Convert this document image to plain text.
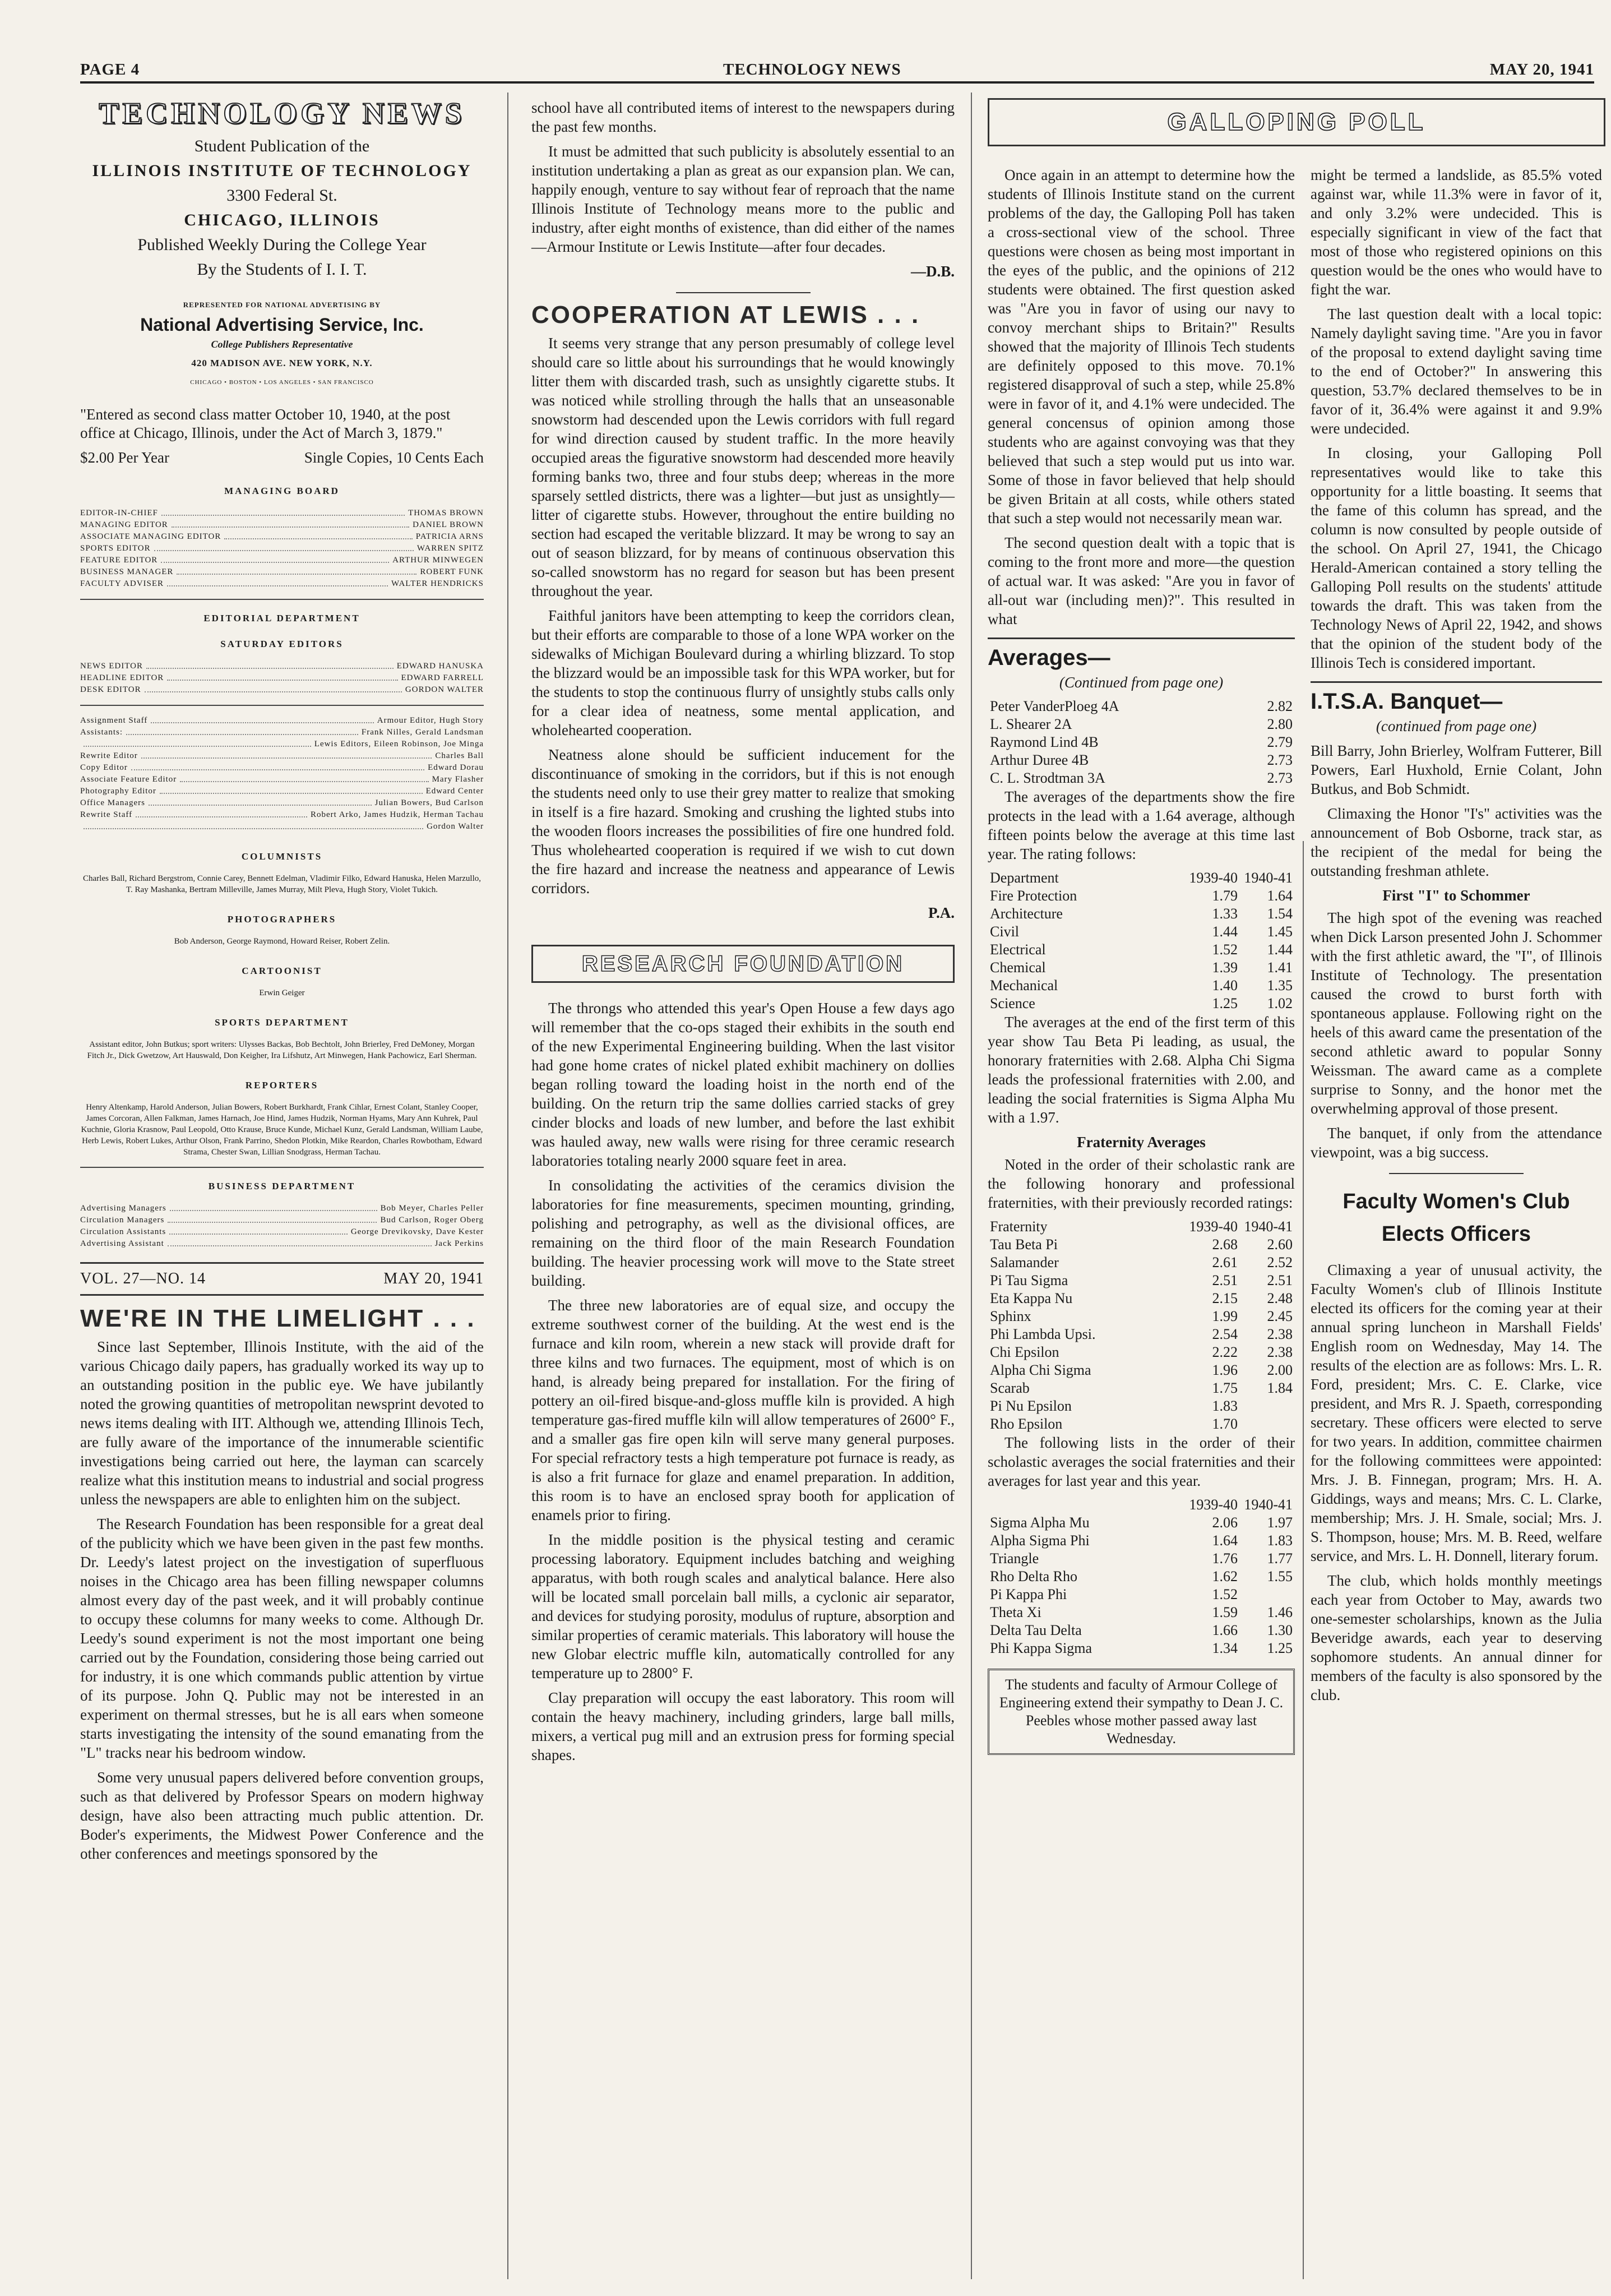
PAGE 4	TECHNOLOGY NEWS	MAY 20, 1941
TECHNOLOGY NEWS
Student Publication of the
ILLINOIS INSTITUTE OF TECHNOLOGY
3300 Federal St.
CHICAGO, ILLINOIS
Published Weekly During the College Year
By the Students of I. I. T.
REPRESENTED FOR NATIONAL ADVERTISING BY
National Advertising Service, Inc.
College Publishers Representative
420 MADISON AVE. NEW YORK, N.Y.
CHICAGO • BOSTON • LOS ANGELES • SAN FRANCISCO

"Entered as second class matter October 10, 1940, at the post office at Chicago, Illinois, under the Act of March 3, 1879."

$2.00 Per Year	Single Copies, 10 Cents Each
MANAGING BOARD
EDITOR-IN-CHIEF	THOMAS BROWN
MANAGING EDITOR	DANIEL BROWN
ASSOCIATE MANAGING EDITOR	PATRICIA ARNS
SPORTS EDITOR	WARREN SPITZ
FEATURE EDITOR	ARTHUR MINWEGEN
BUSINESS MANAGER	ROBERT FUNK
FACULTY ADVISER	WALTER HENDRICKS
EDITORIAL DEPARTMENT
SATURDAY EDITORS
NEWS EDITOR	EDWARD HANUSKA
HEADLINE EDITOR	EDWARD FARRELL
DESK EDITOR	GORDON WALTER
Assignment Staff	Armour Editor, Hugh Story
Assistants:	Frank Nilles, Gerald Landsman
Lewis Editors, Eileen Robinson, Joe Minga
Rewrite Editor	Charles Ball
Copy Editor	Edward Dorau
Associate Feature Editor	Mary Flasher
Photography Editor	Edward Center
Office Managers	Julian Bowers, Bud Carlson
Rewrite Staff	Robert Arko, James Hudzik, Herman Tachau
Gordon Walter
COLUMNISTS
Charles Ball, Richard Bergstrom, Connie Carey, Bennett Edelman, Vladimir Filko, Edward Hanuska, Helen Marzullo, T. Ray Mashanka, Bertram Milleville, James Murray, Milt Pleva, Hugh Story, Violet Tukich.
PHOTOGRAPHERS
Bob Anderson, George Raymond, Howard Reiser, Robert Zelin.
CARTOONIST
Erwin Geiger
SPORTS DEPARTMENT
Assistant editor, John Butkus; sport writers: Ulysses Backas, Bob Bechtolt, John Brierley, Fred DeMoney, Morgan Fitch Jr., Dick Gwetzow, Art Hauswald, Don Keigher, Ira Lifshutz, Art Minwegen, Hank Pachowicz, Earl Sherman.
REPORTERS
Henry Altenkamp, Harold Anderson, Julian Bowers, Robert Burkhardt, Frank Cihlar, Ernest Colant, Stanley Cooper, James Corcoran, Allen Falkman, James Harnach, Joe Hind, James Hudzik, Norman Hyams, Mary Ann Kuhrek, Paul Kuchnie, Gloria Krasnow, Paul Leopold, Otto Krause, Bruce Kunde, Michael Kunz, Gerald Landsman, William Laube, Herb Lewis, Robert Lukes, Arthur Olson, Frank Parrino, Shedon Plotkin, Mike Reardon, Charles Rowbotham, Edward Strama, Chester Swan, Lillian Snodgrass, Herman Tachau.
BUSINESS DEPARTMENT
Advertising Managers	Bob Meyer, Charles Peller
Circulation Managers	Bud Carlson, Roger Oberg
Circulation Assistants	George Drevikovsky, Dave Kester
Advertising Assistant	Jack Perkins
VOL. 27—NO. 14	MAY 20, 1941
WE'RE IN THE LIMELIGHT . . .

Since last September, Illinois Institute, with the aid of the various Chicago daily papers, has gradually worked its way up to an outstanding position in the public eye. We have jubilantly noted the growing quantities of metropolitan newsprint devoted to news items dealing with IIT. Although we, attending Illinois Tech, are fully aware of the importance of the innumerable scientific investigations being carried out here, the layman can scarcely realize what this institution means to industrial and social progress unless the newspapers are able to enlighten him on the subject.

The Research Foundation has been responsible for a great deal of the publicity which we have been given in the past few months. Dr. Leedy's latest project on the investigation of superfluous noises in the Chicago area has been filling newspaper columns almost every day of the past week, and it will probably continue to occupy these columns for many weeks to come. Although Dr. Leedy's sound experiment is not the most important one being carried out by the Foundation, considering those being carried out for industry, it is one which commands public attention by virtue of its purpose. John Q. Public may not be interested in an experiment on thermal stresses, but he is all ears when someone starts investigating the intensity of the sound emanating from the "L" tracks near his bedroom window.

Some very unusual papers delivered before convention groups, such as that delivered by Professor Spears on modern highway design, have also been attracting much public attention. Dr. Boder's experiments, the Midwest Power Conference and the other conferences and meetings sponsored by the

school have all contributed items of interest to the newspapers during the past few months.

It must be admitted that such publicity is absolutely essential to an institution undertaking a plan as great as our expansion plan. We can, happily enough, venture to say without fear of reproach that the name Illinois Institute of Technology means more to the public and industry, after eight months of existence, than did either of the names—Armour Institute or Lewis Institute—after four decades.

—D.B.
COOPERATION AT LEWIS . . .

It seems very strange that any person presumably of college level should care so little about his surroundings that he would knowingly litter them with discarded trash, such as unsightly cigarette stubs. It was noticed while strolling through the halls that an unseasonable snowstorm had descended upon the Lewis corridors with full regard for wind direction caused by student traffic. In the more heavily occupied areas the figurative snowstorm had descended more heavily forming banks two, three and four stubs deep; whereas in the more sparsely settled districts, there was a lighter—but just as unsightly—litter of cigarette stubs. However, throughout the entire building no section had escaped the veritable blizzard. It may be wrong to say an out of season blizzard, for by means of continuous observation this so-called snowstorm has no regard for season but has been present throughout the year.

Faithful janitors have been attempting to keep the corridors clean, but their efforts are comparable to those of a lone WPA worker on the sidewalks of Michigan Boulevard during a whirling blizzard. To stop the blizzard would be an impossible task for this WPA worker, but for the students to stop the continuous flurry of unsightly stubs calls only for a clear idea of neatness, some mental application, and wholehearted cooperation.

Neatness alone should be sufficient inducement for the discontinuance of smoking in the corridors, but if this is not enough the students need only to use their grey matter to realize that smoking in itself is a fire hazard. Smoking and crushing the lighted stubs into the wooden floors increases the possibilities of fire one hundred fold. Thus wholehearted cooperation is required if we wish to cut down the fire hazard and increase the neatness and appearance of Lewis corridors.

P.A.
RESEARCH FOUNDATION

The throngs who attended this year's Open House a few days ago will remember that the co-ops staged their exhibits in the south end of the new Experimental Engineering building. When the last visitor had gone home crates of nickel plated exhibit machinery on dollies began rolling toward the loading hoist in the north end of the building. On the return trip the same dollies carried stacks of grey cinder blocks and loads of new lumber, and before the last exhibit was hauled away, new walls were rising for three ceramic research laboratories totaling nearly 2000 square feet in area.

In consolidating the activities of the ceramics division the laboratories for fine measurements, specimen mounting, grinding, polishing and petrography, as well as the divisional offices, are remaining on the third floor of the main Research Foundation building. The heavier processing work will move to the State street building.

The three new laboratories are of equal size, and occupy the extreme southwest corner of the building. At the west end is the furnace and kiln room, wherein a new stack will provide draft for three kilns and two furnaces. The equipment, most of which is on hand, is already being prepared for installation. For the firing of pottery an oil-fired bisque-and-gloss muffle kiln is provided. A high temperature gas-fired muffle kiln will allow temperatures of 2600° F., and a smaller gas fire open kiln will serve many general purposes. For special refractory tests a high temperature pot furnace is ready, as is also a frit furnace for glaze and enamel preparation. In addition, this room is to have an enclosed spray booth for application of enamels prior to firing.

In the middle position is the physical testing and ceramic processing laboratory. Equipment includes batching and weighing apparatus, with both rough scales and analytical balance. Here also will be located small porcelain ball mills, a cyclonic air separator, and devices for studying porosity, modulus of rupture, absorption and similar properties of ceramic materials. This laboratory will house the new Globar electric muffle kiln, automatically controlled for any temperature up to 2800° F.

Clay preparation will occupy the east laboratory. This room will contain the heavy machinery, including grinders, large ball mills, mixers, a vertical pug mill and an extrusion press for forming special shapes.

GALLOPING POLL

Once again in an attempt to determine how the students of Illinois Institute stand on the current problems of the day, the Galloping Poll has taken a cross-sectional view of the school. Three questions were chosen as being most important in the eyes of the public, and the opinions of 212 students were obtained. The first question asked was "Are you in favor of using our navy to convoy merchant ships to Britain?" Results showed that the majority of Illinois Tech students are definitely opposed to this move. 70.1% registered disapproval of such a step, while 25.8% were in favor of it, and 4.1% were undecided. The general concensus of opinion among those students who are against convoying was that they believed that such a step would put us into war. Some of those in favor believed that help should be given Britain at all costs, while others stated that such a step would not necessarily mean war.

The second question dealt with a topic that is coming to the front more and more—the question of actual war. It was asked: "Are you in favor of all-out war (including men)?". This resulted in what

Averages—
(Continued from page one)
Peter VanderPloeg 4A	2.82
L. Shearer 2A	2.80
Raymond Lind 4B	2.79
Arthur Duree 4B	2.73
C. L. Strodtman 3A	2.73

The averages of the departments show the fire protects in the lead with a 1.64 average, although fifteen points below the average at this time last year. The rating follows:

Department	1939-40	1940-41
Fire Protection	1.79	1.64
Architecture	1.33	1.54
Civil	1.44	1.45
Electrical	1.52	1.44
Chemical	1.39	1.41
Mechanical	1.40	1.35
Science	1.25	1.02

The averages at the end of the first term of this year show Tau Beta Pi leading, as usual, the honorary fraternities with 2.68. Alpha Chi Sigma leads the professional fraternities with 2.00, and leading the social fraternities is Sigma Alpha Mu with a 1.97.

Fraternity Averages

Noted in the order of their scholastic rank are the following honorary and professional fraternities, with their previously recorded ratings:

Fraternity	1939-40	1940-41
Tau Beta Pi	2.68	2.60
Salamander	2.61	2.52
Pi Tau Sigma	2.51	2.51
Eta Kappa Nu	2.15	2.48
Sphinx	1.99	2.45
Phi Lambda Upsi.	2.54	2.38
Chi Epsilon	2.22	2.38
Alpha Chi Sigma	1.96	2.00
Scarab	1.75	1.84
Pi Nu Epsilon	1.83	
Rho Epsilon	1.70	

The following lists in the order of their scholastic averages the social fraternities and their averages for last year and this year.

	1939-40	1940-41
Sigma Alpha Mu	2.06	1.97
Alpha Sigma Phi	1.64	1.83
Triangle	1.76	1.77
Rho Delta Rho	1.62	1.55
Pi Kappa Phi	1.52	
Theta Xi	1.59	1.46
Delta Tau Delta	1.66	1.30
Phi Kappa Sigma	1.34	1.25
The students and faculty of Armour College of Engineering extend their sympathy to Dean J. C. Peebles whose mother passed away last Wednesday.

might be termed a landslide, as 85.5% voted against war, while 11.3% were in favor of it, and only 3.2% were undecided. This is especially significant in view of the fact that most of those who registered opinions on this question would be the ones who would have to fight the war.

The last question dealt with a local topic: Namely daylight saving time. "Are you in favor of the proposal to extend daylight saving time to the end of October?" In answering this question, 53.7% declared themselves to be in favor of it, 36.4% were against it and 9.9% were undecided.

In closing, your Galloping Poll representatives would like to take this opportunity for a little boasting. It seems that the fame of this column has spread, and the column is now consulted by people outside of the school. On April 27, 1941, the Chicago Herald-American contained a story telling the Galloping Poll results on the students' attitude towards the draft. This was taken from the Technology News of April 22, 1942, and shows that the opinion of the student body of the Illinois Tech is considered important.

I.T.S.A. Banquet—
(continued from page one)

Bill Barry, John Brierley, Wolfram Futterer, Bill Powers, Earl Huxhold, Ernie Colant, John Butkus, and Bob Schmidt.

Climaxing the Honor "I's" activities was the announcement of Bob Osborne, track star, as the recipient of the medal for being the outstanding freshman athlete.

First "I" to Schommer

The high spot of the evening was reached when Dick Larson presented John J. Schommer with the first athletic award, the "I", of Illinois Institute of Technology. The presentation caused the crowd to burst forth with spontaneous applause. Following right on the heels of this award came the presentation of the second athletic award to popular Sonny Weissman. The award came as a complete surprise to Sonny, and the honor met the overwhelming approval of those present.

The banquet, if only from the attendance viewpoint, was a big success.

Faculty Women's Club
Elects Officers

Climaxing a year of unusual activity, the Faculty Women's club of Illinois Institute elected its officers for the coming year at their annual spring luncheon in Marshall Fields' English room on Wednesday, May 14. The results of the election are as follows: Mrs. L. R. Ford, president; Mrs. C. E. Clarke, vice president, and Mrs R. J. Spaeth, corresponding secretary. These officers were elected to serve for two years. In addition, committee chairmen for the following committees were appointed: Mrs. J. B. Finnegan, program; Mrs. H. A. Giddings, ways and means; Mrs. C. L. Clarke, membership; Mrs. J. H. Smale, social; Mrs. J. S. Thompson, house; Mrs. M. B. Reed, welfare service, and Mrs. L. H. Donnell, literary forum.

The club, which holds monthly meetings each year from October to May, awards two one-semester scholarships, known as the Julia Beveridge awards, each year to deserving sophomore students. An annual dinner for members of the faculty is also sponsored by the club.
